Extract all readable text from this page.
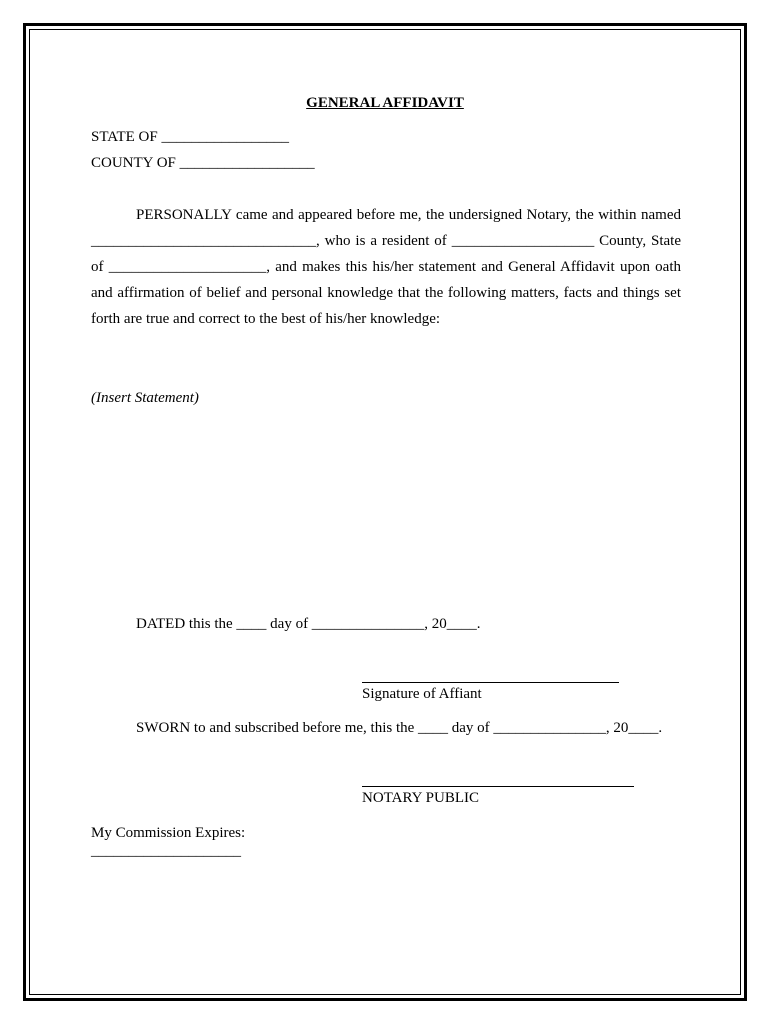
GENERAL AFFIDAVIT
STATE OF _________________
COUNTY OF __________________

PERSONALLY came and appeared before me, the undersigned Notary, the within named ______________________________, who is a resident of ___________________ County, State of _____________________, and makes this his/her statement and General Affidavit upon oath and affirmation of belief and personal knowledge that the following matters, facts and things set forth are true and correct to the best of his/her knowledge:

(Insert Statement)
DATED this the ____ day of _______________, 20____.
Signature of Affiant
SWORN to and subscribed before me, this the ____ day of _______________, 20____.
NOTARY PUBLIC
My Commission Expires:
____________________
